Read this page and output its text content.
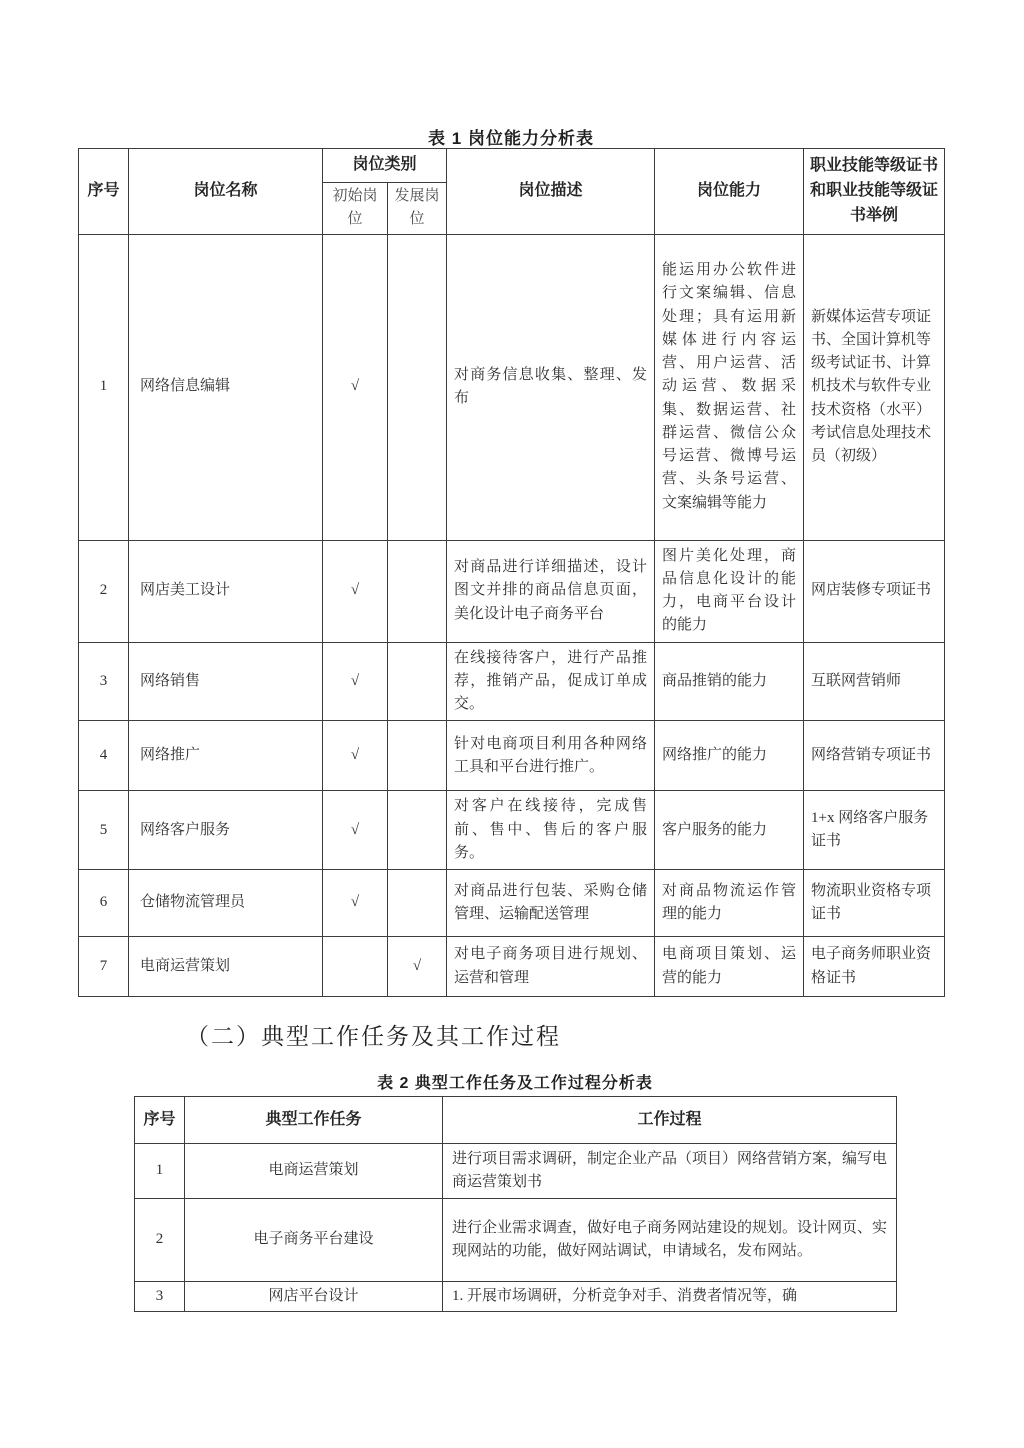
表 1 岗位能力分析表
序号	岗位名称	岗位类别		岗位描述	岗位能力	职业技能等级证书和职业技能等级证书举例
		初始岗位	发展岗位			
1	网络信息编辑	√		对商务信息收集、整理、发布	能运用办公软件进行文案编辑、信息处理；具有运用新媒体进行内容运营、用户运营、活动运营、数据采集、数据运营、社群运营、微信公众号运营、微博号运营、头条号运营、文案编辑等能力	新媒体运营专项证书、全国计算机等级考试证书、计算机技术与软件专业技术资格（水平）考试信息处理技术员（初级）
2	网店美工设计	√		对商品进行详细描述，设计图文并排的商品信息页面，美化设计电子商务平台	图片美化处理，商品信息化设计的能力，电商平台设计的能力	网店装修专项证书
3	网络销售	√		在线接待客户，进行产品推荐，推销产品，促成订单成交。	商品推销的能力	互联网营销师
4	网络推广	√		针对电商项目利用各种网络工具和平台进行推广。	网络推广的能力	网络营销专项证书
5	网络客户服务	√		对客户在线接待，完成售前、售中、售后的客户服务。	客户服务的能力	1+x 网络客户服务证书
6	仓储物流管理员	√		对商品进行包装、采购仓储管理、运输配送管理	对商品物流运作管理的能力	物流职业资格专项证书
7	电商运营策划		√	对电子商务项目进行规划、运营和管理	电商项目策划、运营的能力	电子商务师职业资格证书
（二）典型工作任务及其工作过程
表 2 典型工作任务及工作过程分析表
序号	典型工作任务	工作过程
1	电商运营策划	进行项目需求调研，制定企业产品（项目）网络营销方案，编写电商运营策划书
2	电子商务平台建设	进行企业需求调查，做好电子商务网站建设的规划。设计网页、实现网站的功能，做好网站调试，申请域名，发布网站。
3	网店平台设计	1. 开展市场调研，分析竞争对手、消费者情况等，确
